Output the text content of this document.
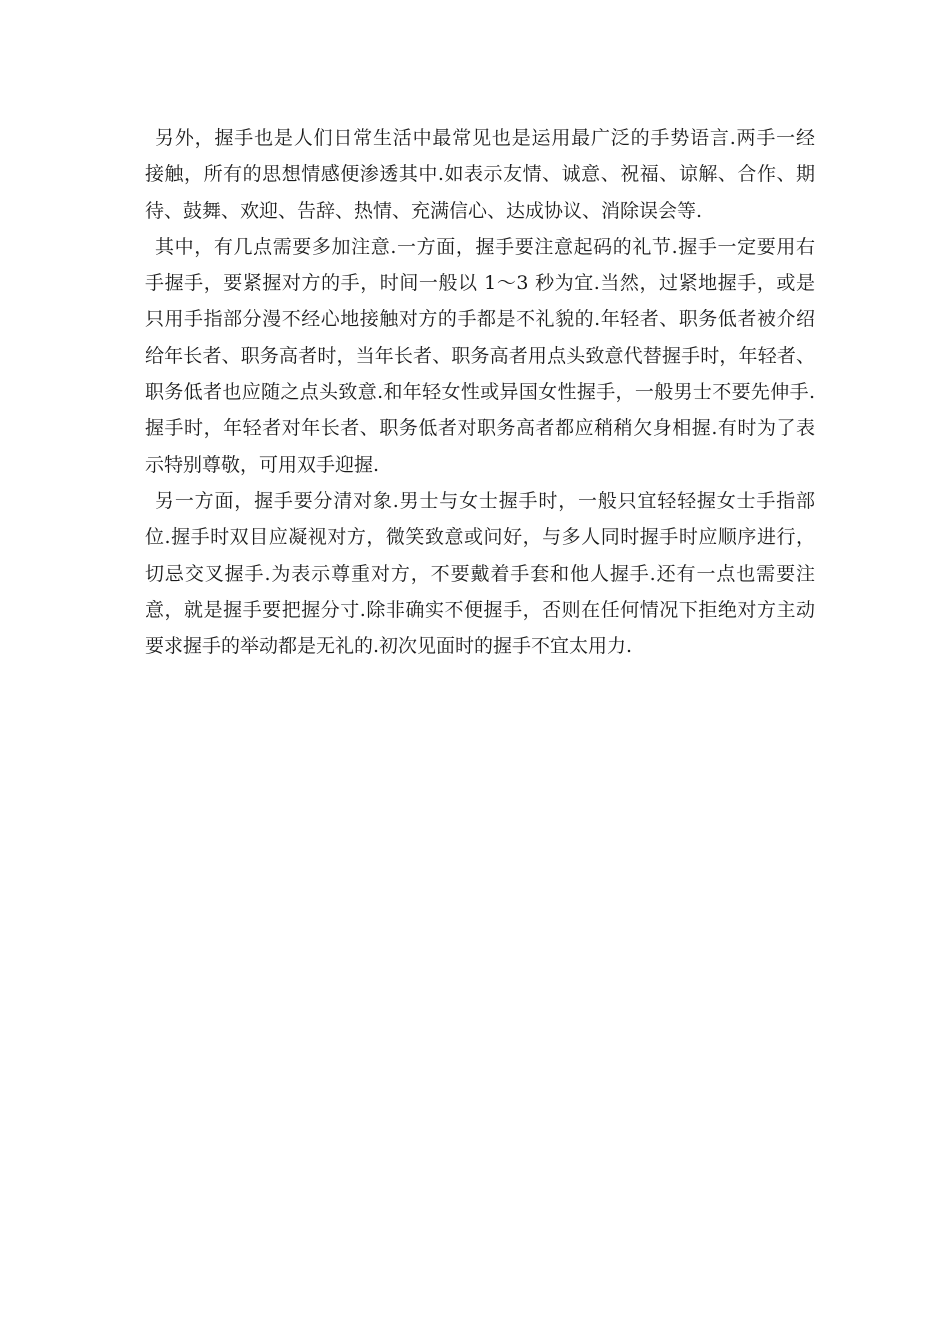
另外，握手也是人们日常生活中最常见也是运用最广泛的手势语言.两手一经
接触，所有的思想情感便渗透其中.如表示友情、诚意、祝福、谅解、合作、期
待、鼓舞、欢迎、告辞、热情、充满信心、达成协议、消除误会等.
其中，有几点需要多加注意.一方面，握手要注意起码的礼节.握手一定要用右
手握手，要紧握对方的手，时间一般以 1～3 秒为宜.当然，过紧地握手，或是
只用手指部分漫不经心地接触对方的手都是不礼貌的.年轻者、职务低者被介绍
给年长者、职务高者时，当年长者、职务高者用点头致意代替握手时，年轻者、
职务低者也应随之点头致意.和年轻女性或异国女性握手，一般男士不要先伸手.
握手时，年轻者对年长者、职务低者对职务高者都应稍稍欠身相握.有时为了表
示特别尊敬，可用双手迎握.
另一方面，握手要分清对象.男士与女士握手时，一般只宜轻轻握女士手指部
位.握手时双目应凝视对方，微笑致意或问好，与多人同时握手时应顺序进行，
切忌交叉握手.为表示尊重对方，不要戴着手套和他人握手.还有一点也需要注
意，就是握手要把握分寸.除非确实不便握手，否则在任何情况下拒绝对方主动
要求握手的举动都是无礼的.初次见面时的握手不宜太用力.
